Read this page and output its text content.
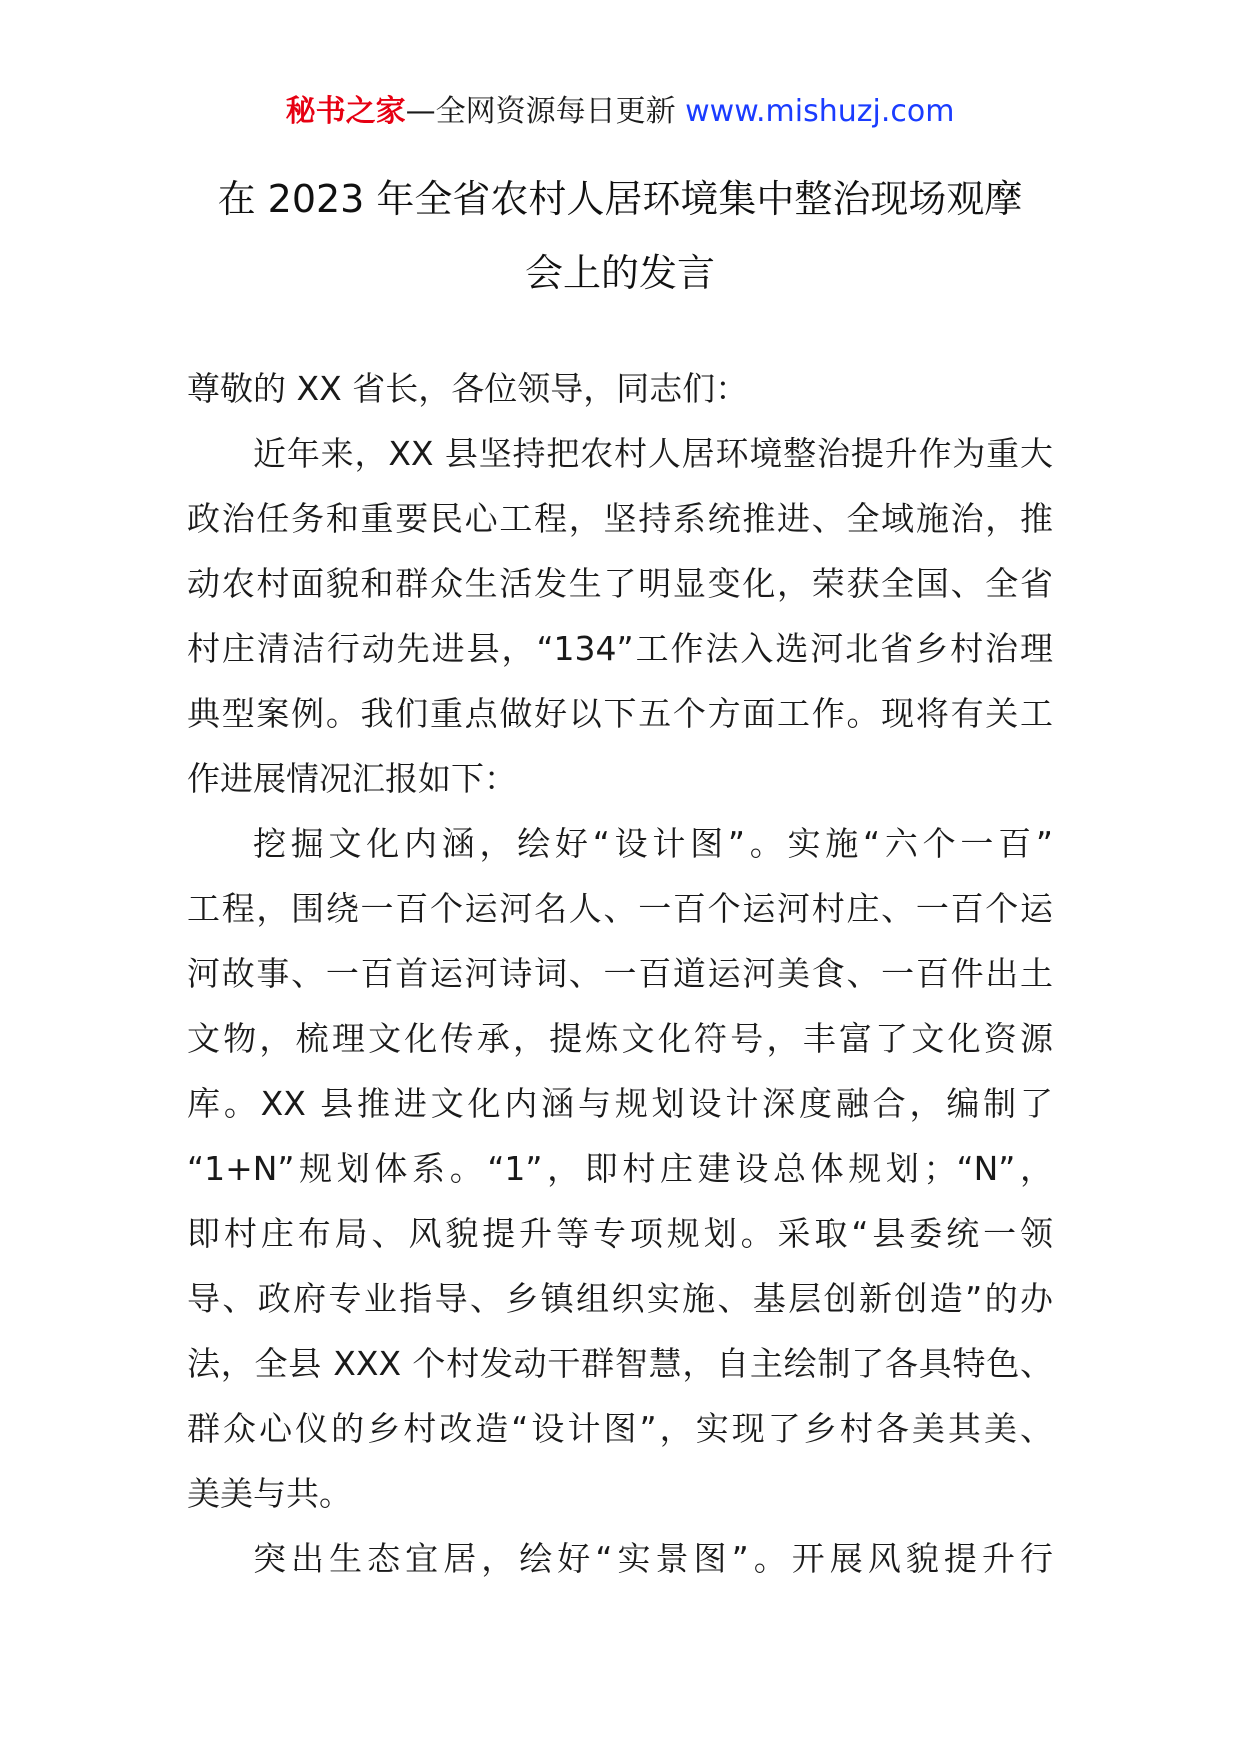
秘书之家—全网资源每日更新 www.mishuzj.com
在 2023 年全省农村人居环境集中整治现场观摩
会上的发言
尊敬的 XX 省长，各位领导，同志们：
近年来，XX 县坚持把农村人居环境整治提升作为重大
政治任务和重要民心工程，坚持系统推进、全域施治，推
动农村面貌和群众生活发生了明显变化，荣获全国、全省
村庄清洁行动先进县，“134”工作法入选河北省乡村治理
典型案例。我们重点做好以下五个方面工作。现将有关工
作进展情况汇报如下：
挖掘文化内涵，绘好“设计图”。实施“六个一百”
工程，围绕一百个运河名人、一百个运河村庄、一百个运
河故事、一百首运河诗词、一百道运河美食、一百件出土
文物，梳理文化传承，提炼文化符号，丰富了文化资源
库。XX 县推进文化内涵与规划设计深度融合，编制了
“1+N”规划体系。“1”，即村庄建设总体规划；“N”，
即村庄布局、风貌提升等专项规划。采取“县委统一领
导、政府专业指导、乡镇组织实施、基层创新创造”的办
法，全县 XXX 个村发动干群智慧，自主绘制了各具特色、
群众心仪的乡村改造“设计图”，实现了乡村各美其美、
美美与共。
突出生态宜居，绘好“实景图”。开展风貌提升行
